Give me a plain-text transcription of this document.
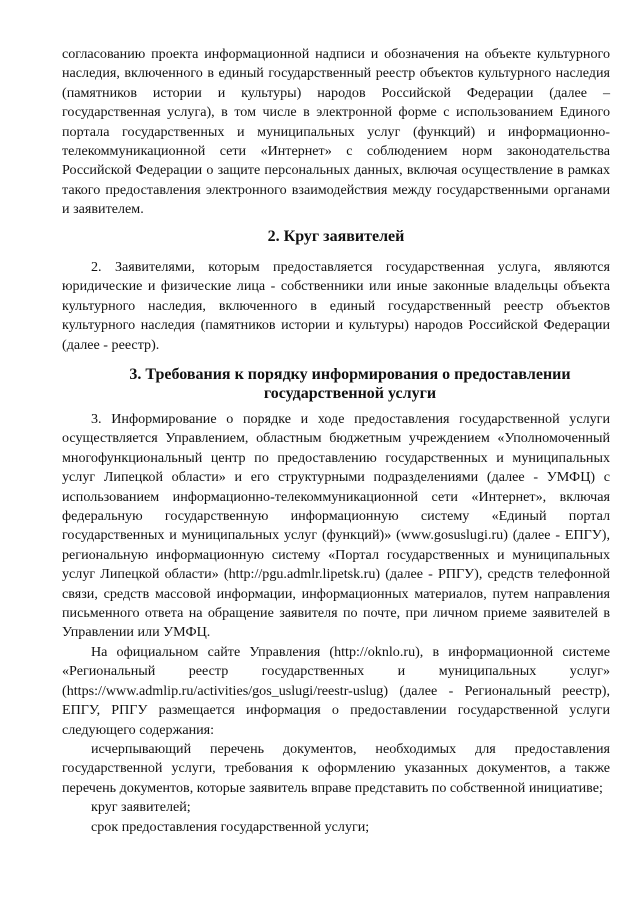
согласованию проекта информационной надписи и обозначения на объекте культурного наследия, включенного в единый государственный реестр объектов культурного наследия (памятников истории и культуры) народов Российской Федерации (далее – государственная услуга), в том числе в электронной форме с использованием Единого портала государственных и муниципальных услуг (функций) и информационно-телекоммуникационной сети «Интернет» с соблюдением норм законодательства Российской Федерации о защите персональных данных, включая осуществление в рамках такого предоставления электронного взаимодействия между государственными органами и заявителем.

2. Круг заявителей

2. Заявителями, которым предоставляется государственная услуга, являются юридические и физические лица - собственники или иные законные владельцы объекта культурного наследия, включенного в единый государственный реестр объектов культурного наследия (памятников истории и культуры) народов Российской Федерации (далее - реестр).

3. Требования к порядку информирования о предоставлении
государственной услуги

3. Информирование о порядке и ходе предоставления государственной услуги осуществляется Управлением, областным бюджетным учреждением «Уполномоченный многофункциональный центр по предоставлению государственных и муниципальных услуг Липецкой области» и его структурными подразделениями (далее - УМФЦ) с использованием информационно-телекоммуникационной сети «Интернет», включая федеральную государственную информационную систему «Единый портал государственных и муниципальных услуг (функций)» (www.gosuslugi.ru) (далее - ЕПГУ), региональную информационную систему «Портал государственных и муниципальных услуг Липецкой области» (http://pgu.admlr.lipetsk.ru) (далее - РПГУ), средств телефонной связи, средств массовой информации, информационных материалов, путем направления письменного ответа на обращение заявителя по почте, при личном приеме заявителей в Управлении или УМФЦ.

На официальном сайте Управления (http://oknlo.ru), в информационной системе «Региональный реестр государственных и муниципальных услуг» (https://www.admlip.ru/activities/gos_uslugi/reestr-uslug) (далее - Региональный реестр), ЕПГУ, РПГУ размещается информация о предоставлении государственной услуги следующего содержания:

исчерпывающий перечень документов, необходимых для предоставления государственной услуги, требования к оформлению указанных документов, а также перечень документов, которые заявитель вправе представить по собственной инициативе;

круг заявителей;

срок предоставления государственной услуги;
